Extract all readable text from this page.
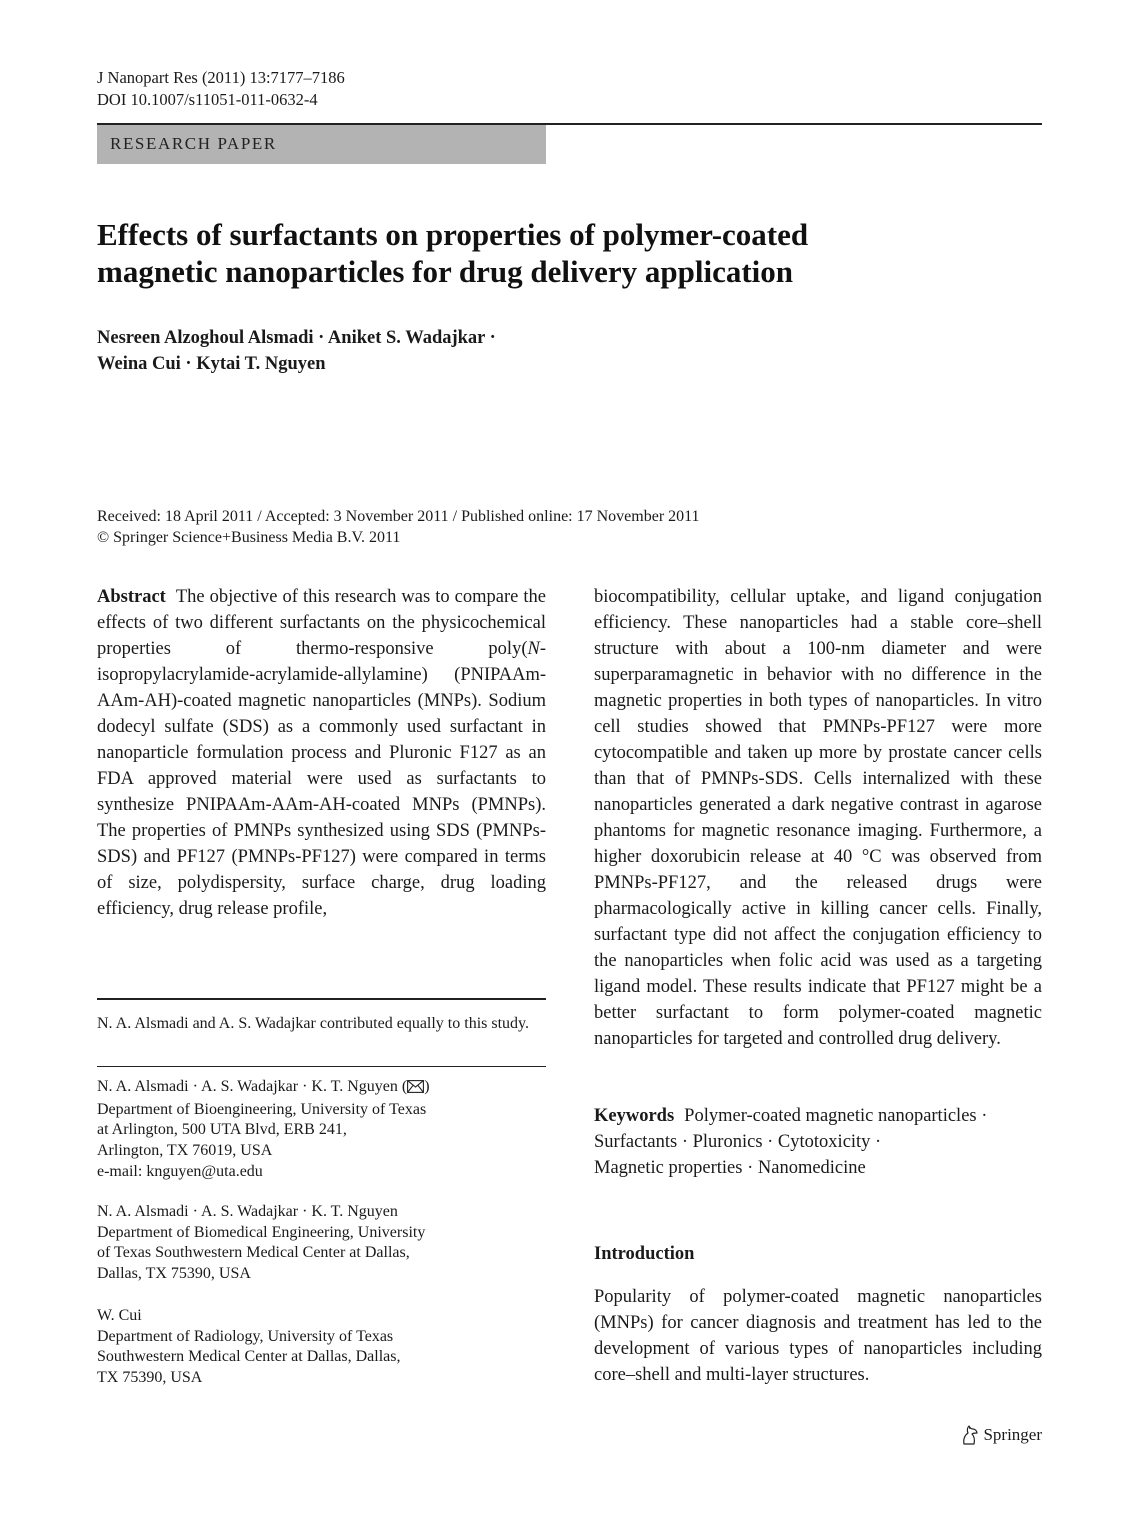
J Nanopart Res (2011) 13:7177–7186
DOI 10.1007/s11051-011-0632-4
RESEARCH PAPER
Effects of surfactants on properties of polymer-coated
magnetic nanoparticles for drug delivery application
Nesreen Alzoghoul Alsmadi · Aniket S. Wadajkar ·
Weina Cui · Kytai T. Nguyen
Received: 18 April 2011 / Accepted: 3 November 2011 / Published online: 17 November 2011
© Springer Science+Business Media B.V. 2011
Abstract The objective of this research was to compare the effects of two different surfactants on the physicochemical properties of thermo-responsive poly(N-isopropylacrylamide-acrylamide-allylamine) (PNIPAAm-AAm-AH)-coated magnetic nanoparticles (MNPs). Sodium dodecyl sulfate (SDS) as a commonly used surfactant in nanoparticle formulation process and Pluronic F127 as an FDA approved material were used as surfactants to synthesize PNIPAAm-AAm-AH-coated MNPs (PMNPs). The properties of PMNPs synthesized using SDS (PMNPs-SDS) and PF127 (PMNPs-PF127) were compared in terms of size, polydispersity, surface charge, drug loading efficiency, drug release profile,
biocompatibility, cellular uptake, and ligand conjugation efficiency. These nanoparticles had a stable core–shell structure with about a 100-nm diameter and were superparamagnetic in behavior with no difference in the magnetic properties in both types of nanoparticles. In vitro cell studies showed that PMNPs-PF127 were more cytocompatible and taken up more by prostate cancer cells than that of PMNPs-SDS. Cells internalized with these nanoparticles generated a dark negative contrast in agarose phantoms for magnetic resonance imaging. Furthermore, a higher doxorubicin release at 40 °C was observed from PMNPs-PF127, and the released drugs were pharmacologically active in killing cancer cells. Finally, surfactant type did not affect the conjugation efficiency to the nanoparticles when folic acid was used as a targeting ligand model. These results indicate that PF127 might be a better surfactant to form polymer-coated magnetic nanoparticles for targeted and controlled drug delivery.
N. A. Alsmadi and A. S. Wadajkar contributed equally to this study.
N. A. Alsmadi · A. S. Wadajkar · K. T. Nguyen ( )
Department of Bioengineering, University of Texas
at Arlington, 500 UTA Blvd, ERB 241,
Arlington, TX 76019, USA
e-mail: knguyen@uta.edu
N. A. Alsmadi · A. S. Wadajkar · K. T. Nguyen
Department of Biomedical Engineering, University
of Texas Southwestern Medical Center at Dallas,
Dallas, TX 75390, USA
W. Cui
Department of Radiology, University of Texas
Southwestern Medical Center at Dallas, Dallas,
TX 75390, USA
Keywords Polymer-coated magnetic nanoparticles ·
Surfactants · Pluronics · Cytotoxicity ·
Magnetic properties · Nanomedicine
Introduction
Popularity of polymer-coated magnetic nanoparticles (MNPs) for cancer diagnosis and treatment has led to the development of various types of nanoparticles including core–shell and multi-layer structures.
Springer
